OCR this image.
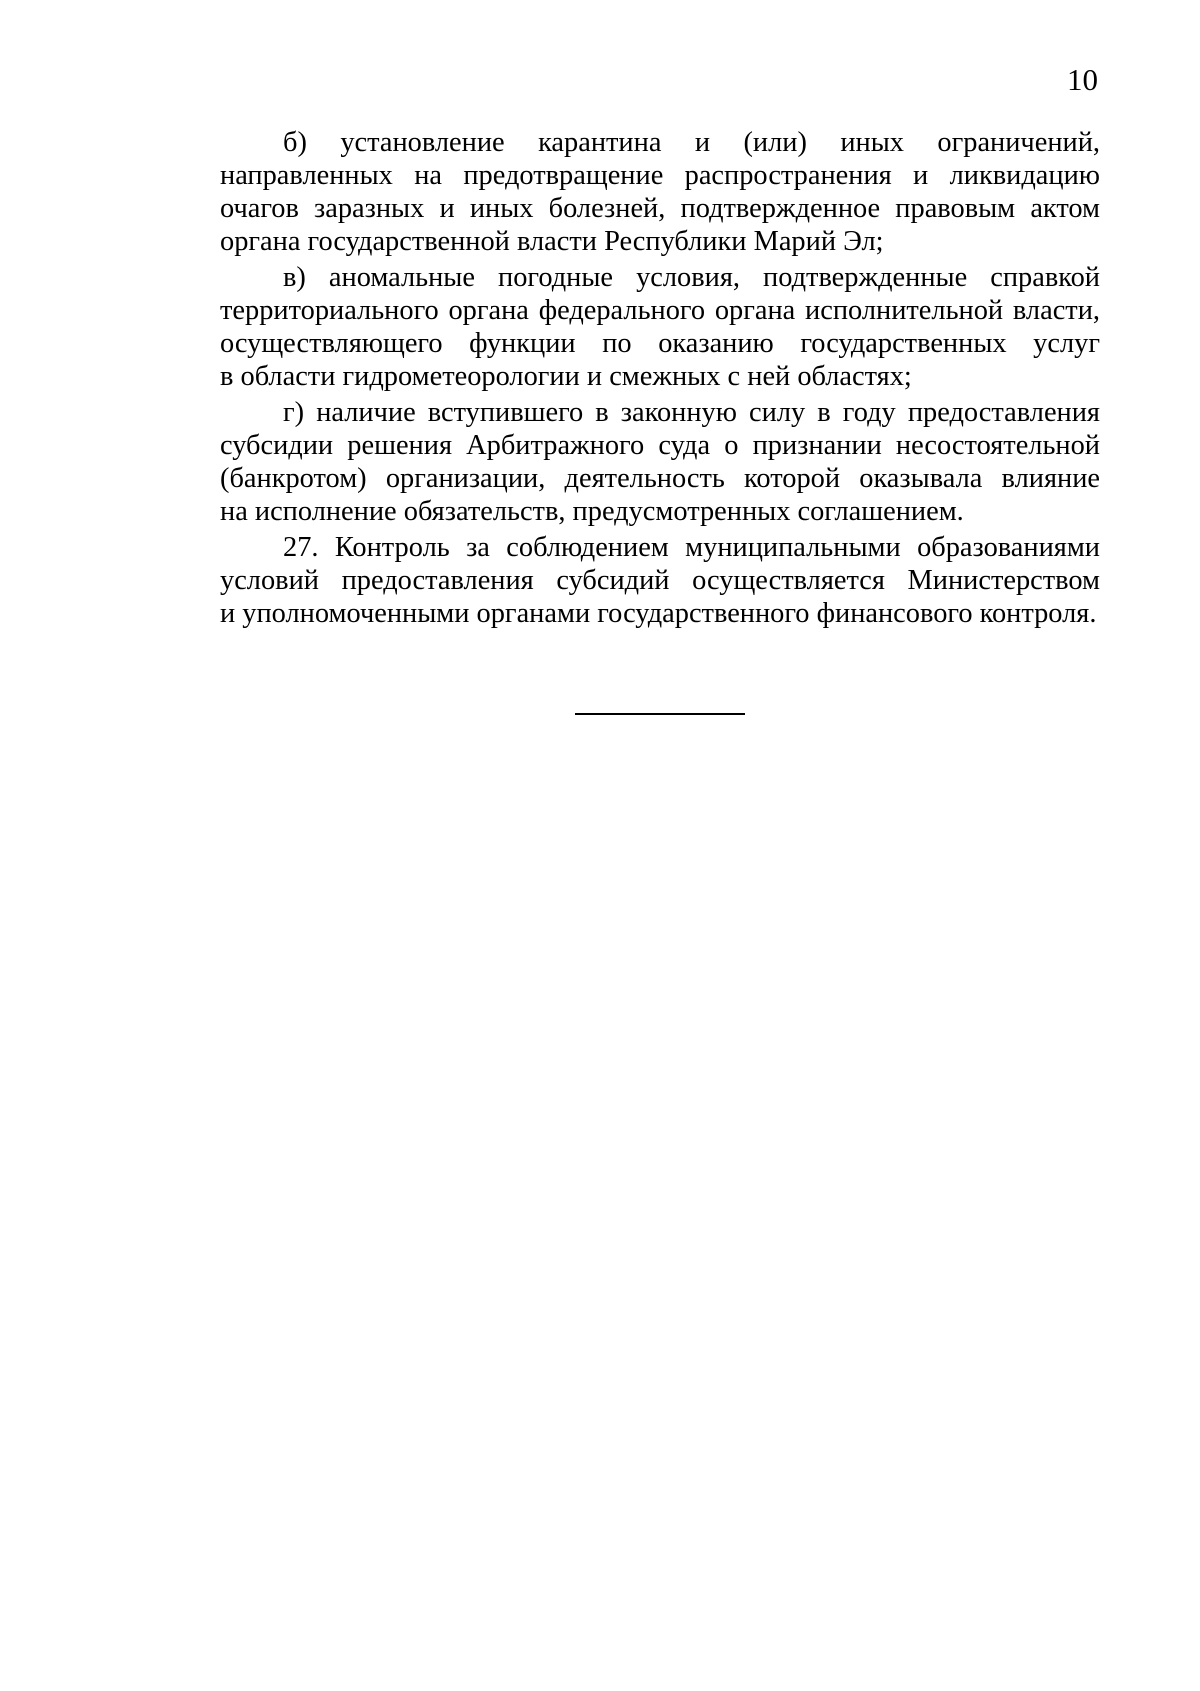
10
б) установление карантина и (или) иных ограничений,
направленных на предотвращение распространения и ликвидацию
очагов заразных и иных болезней, подтвержденное правовым актом
органа государственной власти Республики Марий Эл;
в) аномальные погодные условия, подтвержденные справкой
территориального органа федерального органа исполнительной власти,
осуществляющего функции по оказанию государственных услуг
в области гидрометеорологии и смежных с ней областях;
г) наличие вступившего в законную силу в году предоставления
субсидии решения Арбитражного суда о признании несостоятельной
(банкротом) организации, деятельность которой оказывала влияние
на исполнение обязательств, предусмотренных соглашением.
27. Контроль за соблюдением муниципальными образованиями
условий предоставления субсидий осуществляется Министерством
и уполномоченными органами государственного финансового контроля.
